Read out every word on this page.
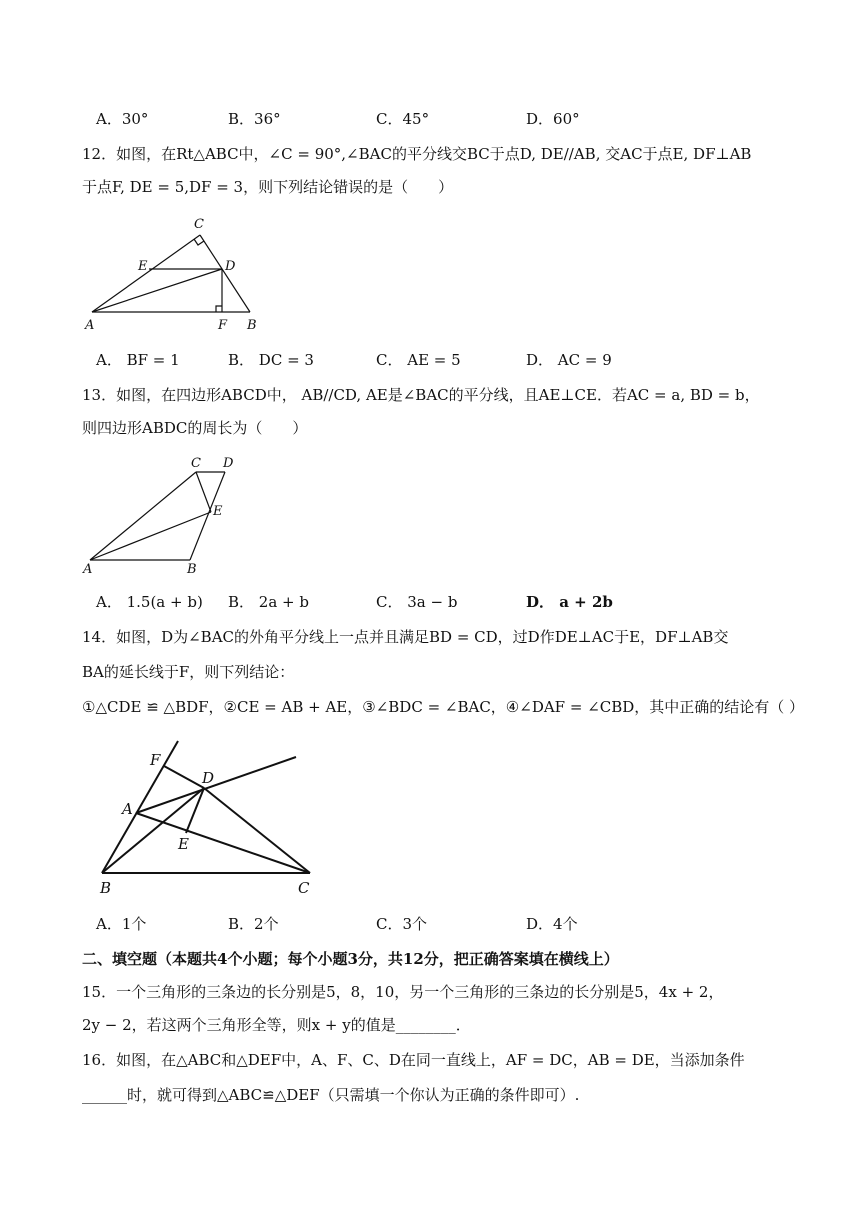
A．30°	B．36°	C．45°	D．60°
12．如图，在Rt△ABC中，∠C = 90°,∠BAC的平分线交BC于点D, DE//AB, 交AC于点E, DF⊥AB
于点F, DE = 5,DF = 3，则下列结论错误的是（　　）
C
E	D
A	F B
A． BF = 1	B． DC = 3	C． AE = 5	D． AC = 9
13．如图，在四边形ABCD中， AB//CD, AE是∠BAC的平分线，且AE⊥CE．若AC = a, BD = b，
则四边形ABDC的周长为（　　）
C D
E
A	B
A． 1.5(a + b) B． 2a + b	C． 3a − b	D． a + 2b
14．如图，D为∠BAC的外角平分线上一点并且满足BD = CD，过D作DE⊥AC于E，DF⊥AB交
BA的延长线于F，则下列结论：
①△CDE ≌ △BDF，②CE = AB + AE，③∠BDC = ∠BAC，④∠DAF = ∠CBD，其中正确的结论有（ ）
F
D
A
E
B	C
A．1个	B．2个	C．3个	D．4个
二、填空题（本题共4个小题；每个小题3分，共12分，把正确答案填在横线上）
15．一个三角形的三条边的长分别是5，8，10，另一个三角形的三条边的长分别是5，4x + 2，
2y − 2，若这两个三角形全等，则x + y的值是________．
16．如图，在△ABC和△DEF中，A、F、C、D在同一直线上，AF = DC，AB = DE，当添加条件
______时，就可得到△ABC≌△DEF（只需填一个你认为正确的条件即可）.
